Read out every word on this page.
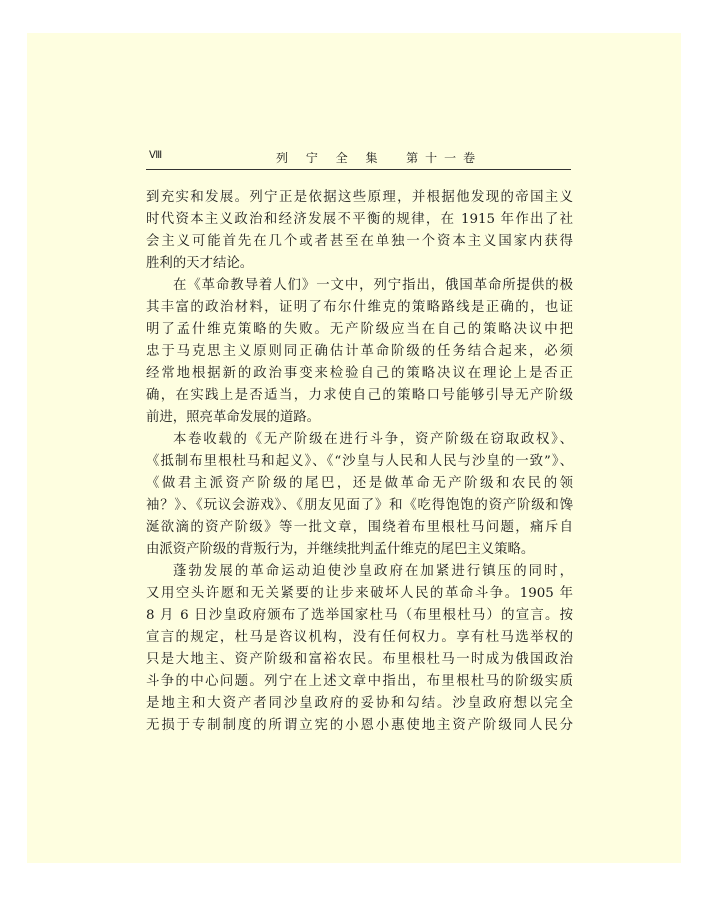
Ⅷ	列 宁 全 集  第十一卷
到充实和发展。列宁正是依据这些原理，并根据他发现的帝国主义
时代资本主义政治和经济发展不平衡的规律，在 1915 年作出了社
会主义可能首先在几个或者甚至在单独一个资本主义国家内获得
胜利的天才结论。
在《革命教导着人们》一文中，列宁指出，俄国革命所提供的极
其丰富的政治材料，证明了布尔什维克的策略路线是正确的，也证
明了孟什维克策略的失败。无产阶级应当在自己的策略决议中把
忠于马克思主义原则同正确估计革命阶级的任务结合起来，必须
经常地根据新的政治事变来检验自己的策略决议在理论上是否正
确，在实践上是否适当，力求使自己的策略口号能够引导无产阶级
前进，照亮革命发展的道路。
本卷收载的《无产阶级在进行斗争，资产阶级在窃取政权》、
《抵制布里根杜马和起义》、《“沙皇与人民和人民与沙皇的一致”》、
《做君主派资产阶级的尾巴，还是做革命无产阶级和农民的领
袖？》、《玩议会游戏》、《朋友见面了》和《吃得饱饱的资产阶级和馋
涎欲滴的资产阶级》等一批文章，围绕着布里根杜马问题，痛斥自
由派资产阶级的背叛行为，并继续批判孟什维克的尾巴主义策略。
蓬勃发展的革命运动迫使沙皇政府在加紧进行镇压的同时，
又用空头许愿和无关紧要的让步来破坏人民的革命斗争。1905 年
8 月 6 日沙皇政府颁布了选举国家杜马（布里根杜马）的宣言。按
宣言的规定，杜马是咨议机构，没有任何权力。享有杜马选举权的
只是大地主、资产阶级和富裕农民。布里根杜马一时成为俄国政治
斗争的中心问题。列宁在上述文章中指出，布里根杜马的阶级实质
是地主和大资产者同沙皇政府的妥协和勾结。沙皇政府想以完全
无损于专制制度的所谓立宪的小恩小惠使地主资产阶级同人民分
